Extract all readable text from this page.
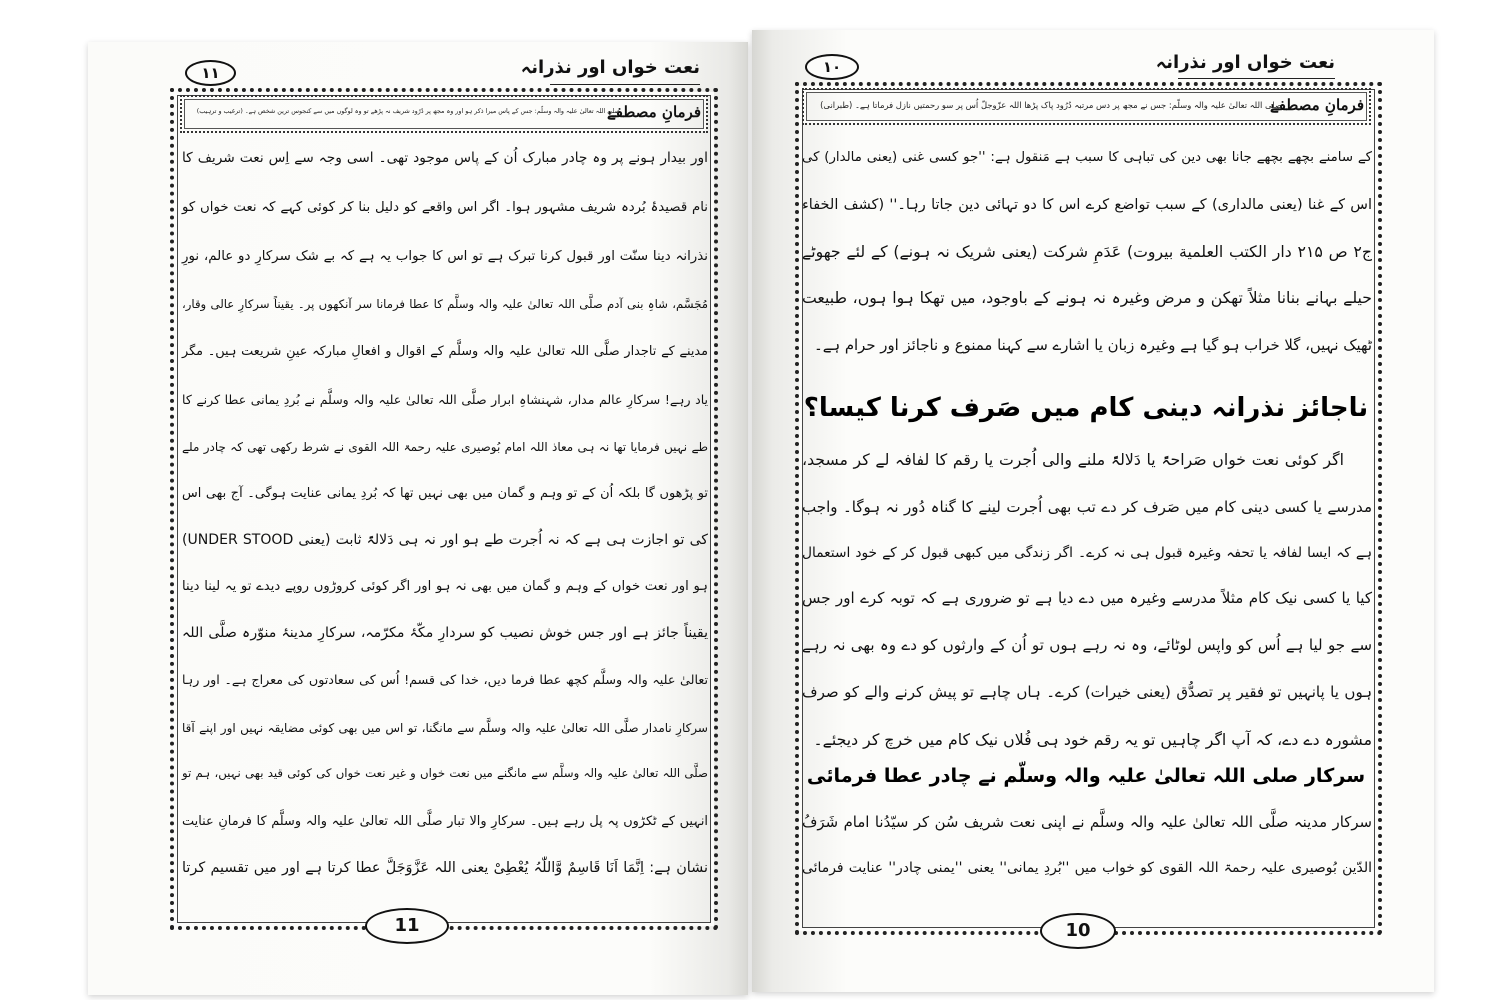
۱۱	نعت خواں اور نذرانہ
فرمانِ مصطفےٰ
صلی اللہ تعالیٰ علیہ والہ وسلّم: جس کے پاس میرا ذکر ہو اور وہ مجھ پر دُرُود شریف نہ پڑھے تو وہ لوگوں میں سے کنجوس ترین شخص ہے۔ (ترغیب و ترہیب)
اور بیدار ہونے پر وہ چادر مبارک اُن کے پاس موجود تھی۔ اسی وجہ سے اِس نعت شریف کا
نام قصیدۂ بُردہ شریف مشہور ہوا۔ اگر اس واقعے کو دلیل بنا کر کوئی کہے کہ نعت خواں کو
نذرانہ دینا سنّت اور قبول کرنا تبرک ہے تو اس کا جواب یہ ہے کہ بے شک سرکارِ دو عالم، نورِ
مُجَسَّم، شاہِ بنی آدم صلَّی اللہ تعالیٰ علیہ والہ وسلَّم کا عطا فرمانا سر آنکھوں پر۔ یقیناً سرکارِ عالی وقار،
مدینے کے تاجدار صلَّی اللہ تعالیٰ علیہ والہ وسلَّم کے اقوال و افعالِ مبارکہ عینِ شریعت ہیں۔ مگر
یاد رہے! سرکارِ عالم مدار، شہنشاہِ ابرار صلَّی اللہ تعالیٰ علیہ والہ وسلَّم نے بُردِ یمانی عطا کرنے کا
طے نہیں فرمایا تھا نہ ہی معاذ اللہ امام بُوصیری علیہ رحمۃ اللہ القوی نے شرط رکھی تھی کہ چادر ملے
تو پڑھوں گا بلکہ اُن کے تو وہم و گمان میں بھی نہیں تھا کہ بُردِ یمانی عنایت ہوگی۔ آج بھی اس
کی تو اجازت ہی ہے کہ نہ اُجرت طے ہو اور نہ ہی دَلالۃً ثابت (یعنی UNDER STOOD)
ہو اور نعت خواں کے وہم و گمان میں بھی نہ ہو اور اگر کوئی کروڑوں روپے دیدے تو یہ لینا دینا
یقیناً جائز ہے اور جس خوش نصیب کو سردارِ مکّۂ مکرّمہ، سرکارِ مدینۂ منوّرہ صلَّی اللہ
تعالیٰ علیہ والہ وسلَّم کچھ عطا فرما دیں، خدا کی قسم! اُس کی سعادتوں کی معراج ہے۔ اور رہا
سرکارِ نامدار صلَّی اللہ تعالیٰ علیہ والہ وسلَّم سے مانگنا، تو اس میں بھی کوئی مضایقہ نہیں اور اپنے آقا
صلَّی اللہ تعالیٰ علیہ والہ وسلَّم سے مانگنے میں نعت خواں و غیر نعت خواں کی کوئی قید بھی نہیں، ہم تو
انہیں کے ٹکڑوں پہ پل رہے ہیں۔ سرکارِ والا تبار صلَّی اللہ تعالیٰ علیہ والہ وسلَّم کا فرمانِ عنایت
نشان ہے: اِنَّمَا اَنَا قَاسِمٌ وَّاللّٰہُ یُعْطِیْ یعنی اللہ عَزَّوَجَلَّ عطا کرتا ہے اور میں تقسیم کرتا
11
۱۰	نعت خواں اور نذرانہ
فرمانِ مصطفےٰ
صلی اللہ تعالیٰ علیہ والہ وسلّم: جس نے مجھ پر دس مرتبہ دُرُود پاک پڑھا اللہ عزّوجلّ اُس پر سو رحمتیں نازل فرماتا ہے۔ (طبرانی)
کے سامنے بچھے بچھے جانا بھی دین کی تباہی کا سبب ہے مَنقول ہے: ''جو کسی غنی (یعنی مالدار) کی
اس کے غنا (یعنی مالداری) کے سبب تواضع کرے اس کا دو تہائی دین جاتا رہا۔'' (کشف الخفاء
ج۲ ص ۲۱۵ دار الکتب العلمیة بیروت) عَدَمِ شرکت (یعنی شریک نہ ہونے) کے لئے جھوٹے
حیلے بہانے بنانا مثلاً تھکن و مرض وغیرہ نہ ہونے کے باوجود، میں تھکا ہوا ہوں، طبیعت
ٹھیک نہیں، گلا خراب ہو گیا ہے وغیرہ زبان یا اشارے سے کہنا ممنوع و ناجائز اور حرام ہے۔
ناجائز نذرانہ دینی کام میں صَرف کرنا کیسا؟
اگر کوئی نعت خواں صَراحۃً یا دَلالۃً ملنے والی اُجرت یا رقم کا لفافہ لے کر مسجد،
مدرسے یا کسی دینی کام میں صَرف کر دے تب بھی اُجرت لینے کا گناہ دُور نہ ہوگا۔ واجب
ہے کہ ایسا لفافہ یا تحفہ وغیرہ قبول ہی نہ کرے۔ اگر زندگی میں کبھی قبول کر کے خود استعمال
کیا یا کسی نیک کام مثلاً مدرسے وغیرہ میں دے دیا ہے تو ضروری ہے کہ توبہ کرے اور جس
سے جو لیا ہے اُس کو واپس لوٹائے، وہ نہ رہے ہوں تو اُن کے وارثوں کو دے وہ بھی نہ رہے
ہوں یا پانہیں تو فقیر پر تصدُّق (یعنی خیرات) کرے۔ ہاں چاہے تو پیش کرنے والے کو صرف
مشورہ دے دے، کہ آپ اگر چاہیں تو یہ رقم خود ہی فُلاں نیک کام میں خرچ کر دیجئے۔
سرکار صلی اللہ تعالیٰ علیہ والہ وسلّم نے چادر عطا فرمائی
سرکار مدینہ صلَّی اللہ تعالیٰ علیہ والہ وسلَّم نے اپنی نعت شریف سُن کر سیّدُنا امام شَرَفُ
الدّین بُوصیری علیہ رحمۃ اللہ القوی کو خواب میں ''بُردِ یمانی'' یعنی ''یمنی چادر'' عنایت فرمائی
10
